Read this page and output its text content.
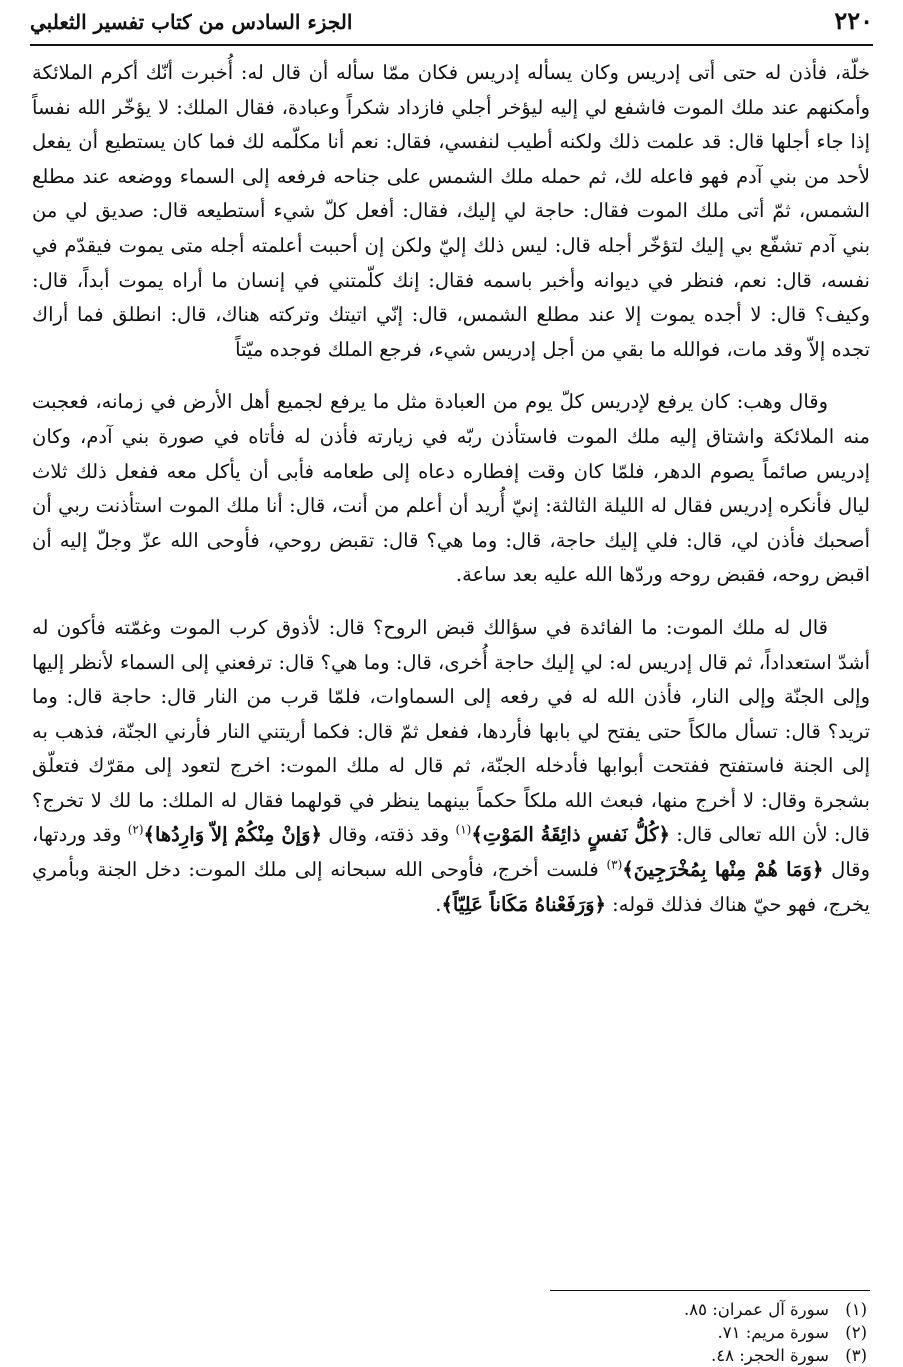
٢٢٠
الجزء السادس من كتاب تفسير الثعلبي

خلّة، فأذن له حتى أتى إدريس وكان يسأله إدريس فكان ممّا سأله أن قال له: أُخبرت أنّك أكرم الملائكة وأمكنهم عند ملك الموت فاشفع لي إليه ليؤخر أجلي فازداد شكراً وعبادة، فقال الملك: لا يؤخّر الله نفساً إذا جاء أجلها قال: قد علمت ذلك ولكنه أطيب لنفسي، فقال: نعم أنا مكلّمه لك فما كان يستطيع أن يفعل لأحد من بني آدم فهو فاعله لك، ثم حمله ملك الشمس على جناحه فرفعه إلى السماء ووضعه عند مطلع الشمس، ثمّ أتى ملك الموت فقال: حاجة لي إليك، فقال: أفعل كلّ شيء أستطيعه قال: صديق لي من بني آدم تشفّع بي إليك لتؤخّر أجله قال: ليس ذلك إليّ ولكن إن أحببت أعلمته أجله متى يموت فيقدّم في نفسه، قال: نعم، فنظر في ديوانه وأخبر باسمه فقال: إنك كلّمتني في إنسان ما أراه يموت أبداً، قال: وكيف؟ قال: لا أجده يموت إلا عند مطلع الشمس، قال: إنّي اتيتك وتركته هناك، قال: انطلق فما أراك تجده إلاّ وقد مات، فوالله ما بقي من أجل إدريس شيء، فرجع الملك فوجده ميّتاً

وقال وهب: كان يرفع لإدريس كلّ يوم من العبادة مثل ما يرفع لجميع أهل الأرض في زمانه، فعجبت منه الملائكة واشتاق إليه ملك الموت فاستأذن ربّه في زيارته فأذن له فأتاه في صورة بني آدم، وكان إدريس صائماً يصوم الدهر، فلمّا كان وقت إفطاره دعاه إلى طعامه فأبى أن يأكل معه ففعل ذلك ثلاث ليال فأنكره إدريس فقال له الليلة الثالثة: إنيّ أُريد أن أعلم من أنت، قال: أنا ملك الموت استأذنت ربي أن أصحبك فأذن لي، قال: فلي إليك حاجة، قال: وما هي؟ قال: تقبض روحي، فأوحى الله عزّ وجلّ إليه أن اقبض روحه، فقبض روحه وردّها الله عليه بعد ساعة.

قال له ملك الموت: ما الفائدة في سؤالك قبض الروح؟ قال: لأذوق كرب الموت وغمّته فأكون له أشدّ استعداداً، ثم قال إدريس له: لي إليك حاجة أُخرى، قال: وما هي؟ قال: ترفعني إلى السماء لأنظر إليها وإلى الجنّة وإلى النار، فأذن الله له في رفعه إلى السماوات، فلمّا قرب من النار قال: حاجة قال: وما تريد؟ قال: تسأل مالكاً حتى يفتح لي بابها فأردها، ففعل ثمّ قال: فكما أريتني النار فأرني الجنّة، فذهب به إلى الجنة فاستفتح ففتحت أبوابها فأدخله الجنّة، ثم قال له ملك الموت: اخرج لتعود إلى مقرّك فتعلّق بشجرة وقال: لا أخرج منها، فبعث الله ملكاً حكماً بينهما ينظر في قولهما فقال له الملك: ما لك لا تخرج؟ قال: لأن الله تعالى قال: ﴿كُلُّ نَفسٍ ذائِقَةُ المَوْتِ﴾$^{(١)}$ وقد ذقته، وقال ﴿وَإنْ مِنْكُمْ إلاّ وَارِدُها﴾$^{(٢)}$ وقد وردتها، وقال ﴿وَمَا هُمْ مِنْها بِمُخْرَجِينَ﴾$^{(٣)}$ فلست أخرج، فأوحى الله سبحانه إلى ملك الموت: دخل الجنة وبأمري يخرج، فهو حيّ هناك فذلك قوله: ﴿وَرَفَعْناهُ مَكَاناً عَلِيّاً﴾.

(١)سورة آل عمران: ٨٥.
(٢)سورة مريم: ٧١.
(٣)سورة الحجر: ٤٨.
